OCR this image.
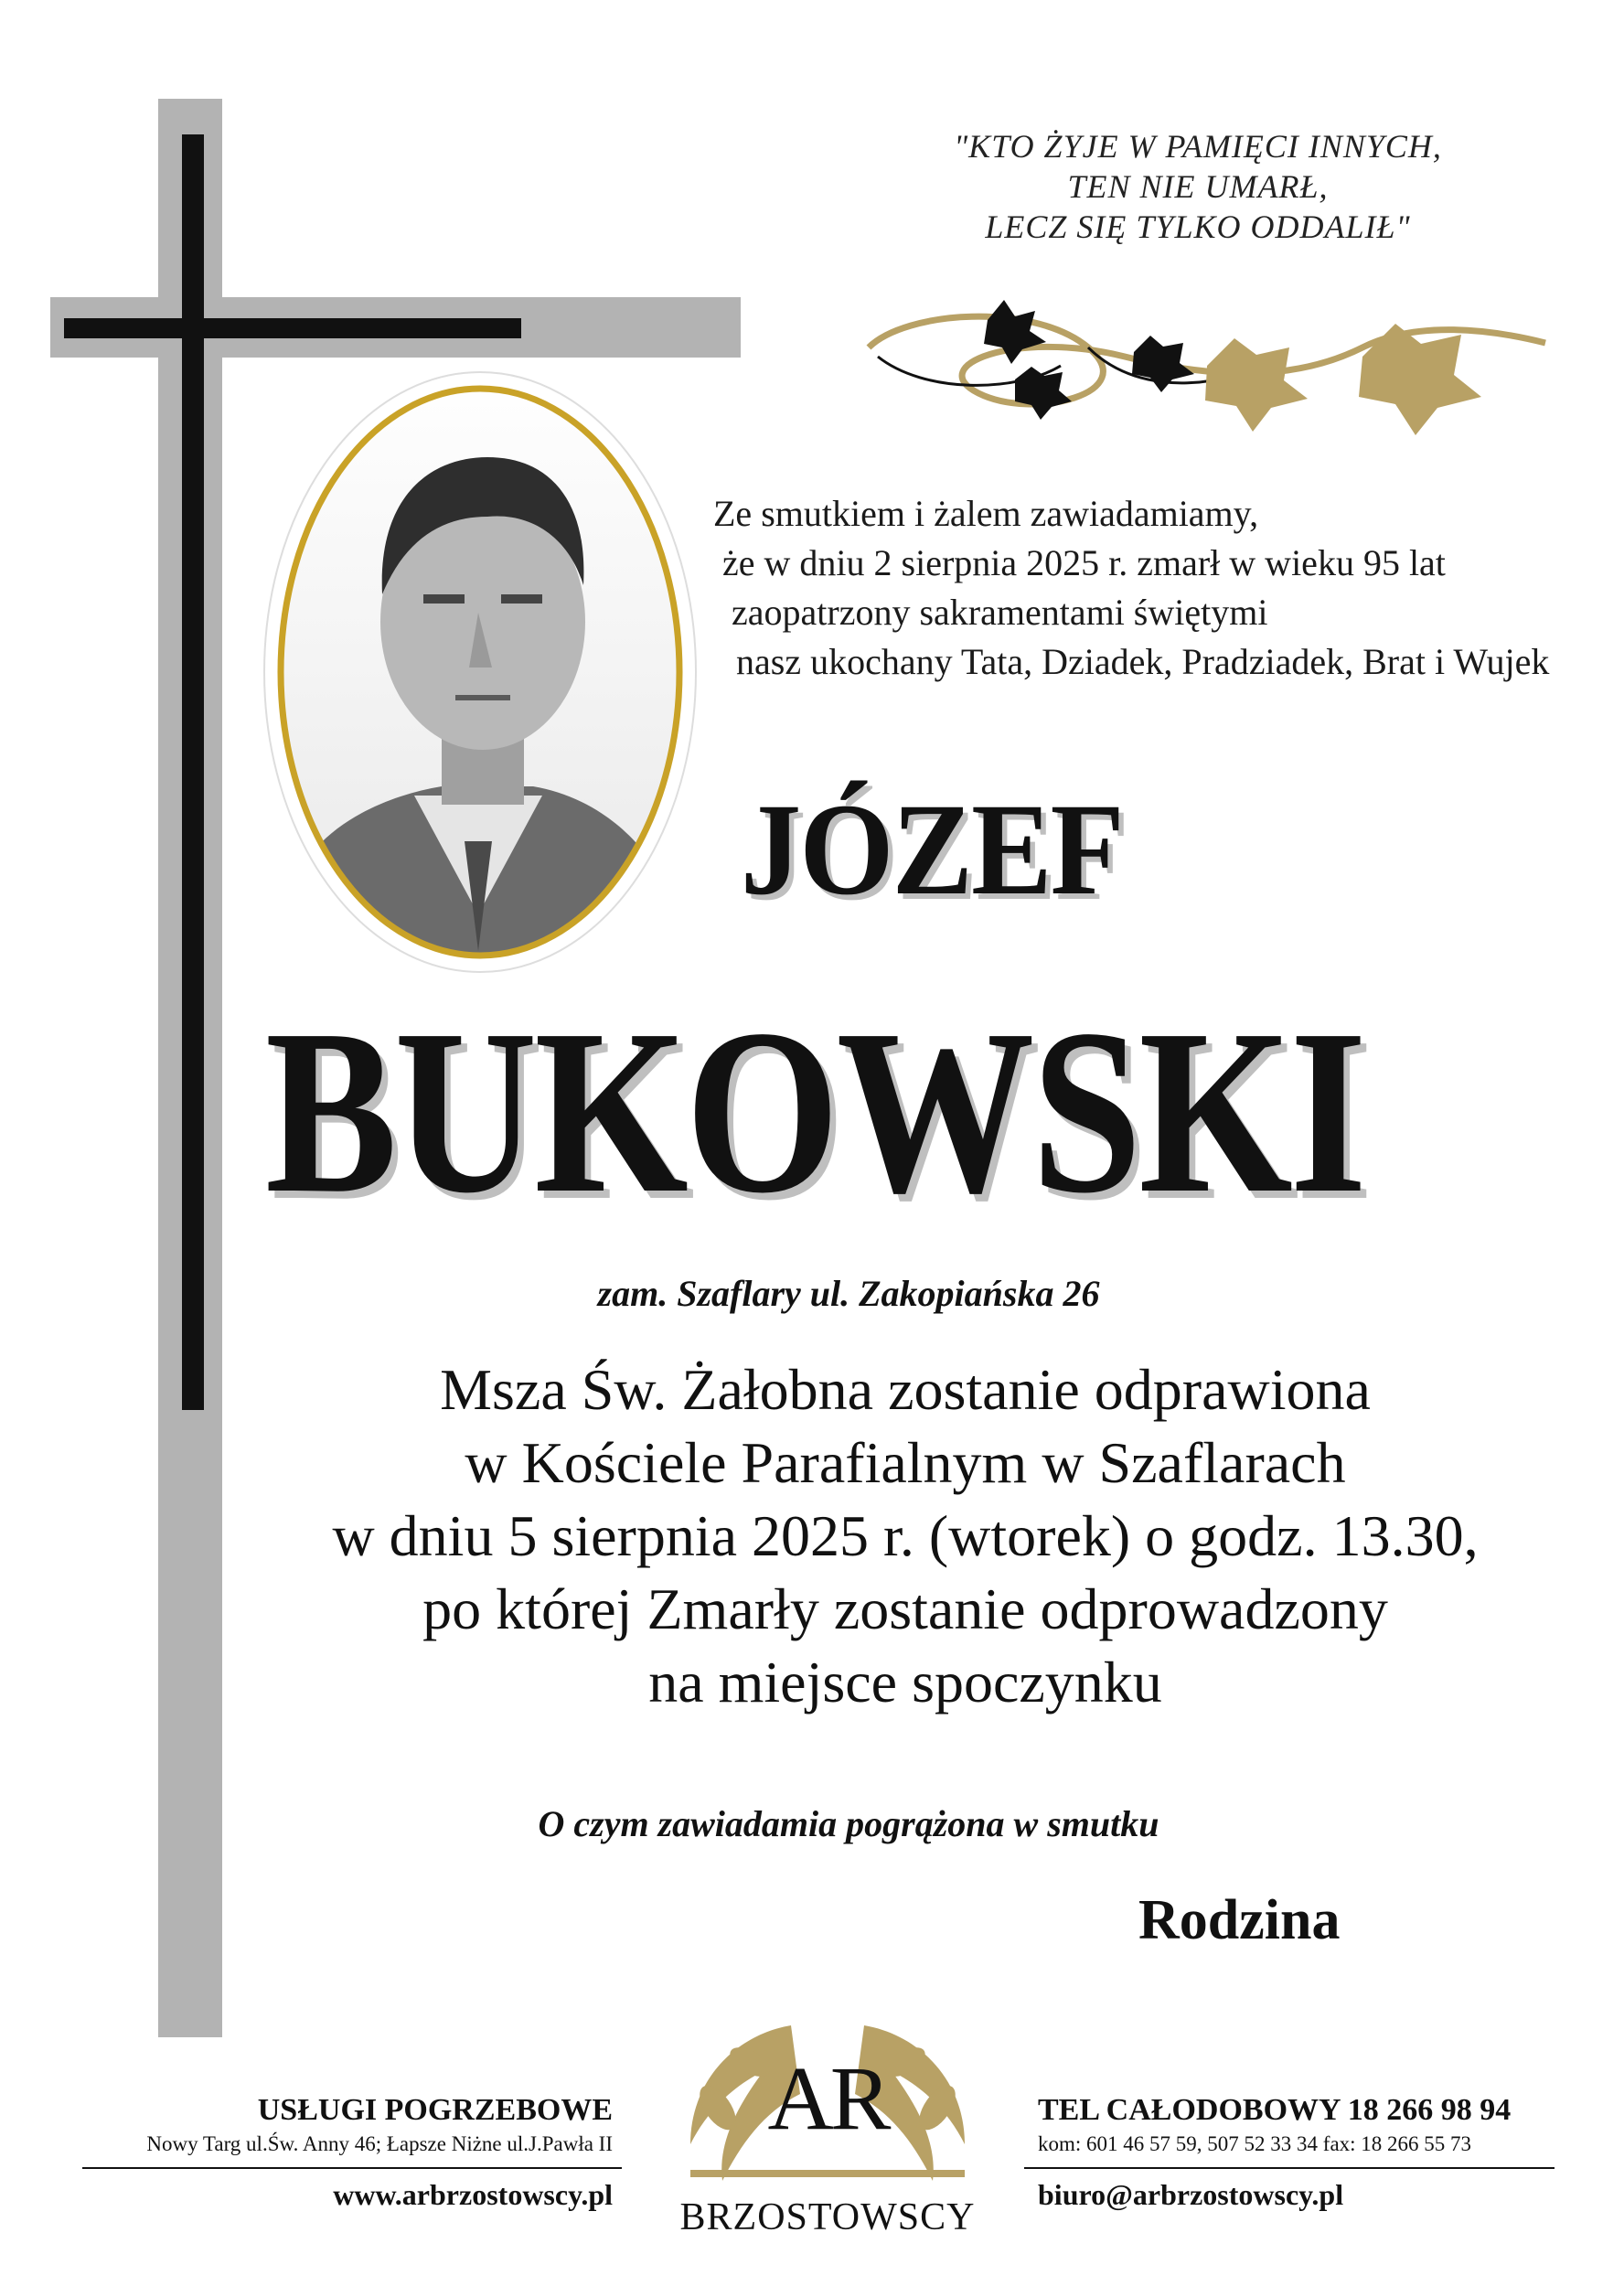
"KTO ŻYJE W PAMIĘCI INNYCH,
TEN NIE UMARŁ,
LECZ SIĘ TYLKO ODDALIŁ"
Ze smutkiem i żalem zawiadamiamy,
że w dniu 2 sierpnia 2025 r. zmarł w wieku 95 lat
zaopatrzony sakramentami świętymi
nasz ukochany Tata, Dziadek, Pradziadek, Brat i Wujek
JÓZEF
BUKOWSKI
zam. Szaflary ul. Zakopiańska 26
Msza Św. Żałobna zostanie odprawiona
w Kościele Parafialnym w Szaflarach
w dniu 5 sierpnia 2025 r. (wtorek) o godz. 13.30,
po której Zmarły zostanie odprowadzony
na miejsce spoczynku
O czym zawiadamia pogrążona w smutku
Rodzina
USŁUGI POGRZEBOWE
Nowy Targ ul.Św. Anny 46; Łapsze Niżne ul.J.Pawła II
www.arbrzostowscy.pl
AR
BRZOSTOWSCY
TEL CAŁODOBOWY 18 266 98 94
kom: 601 46 57 59, 507 52 33 34 fax: 18 266 55 73
biuro@arbrzostowscy.pl
